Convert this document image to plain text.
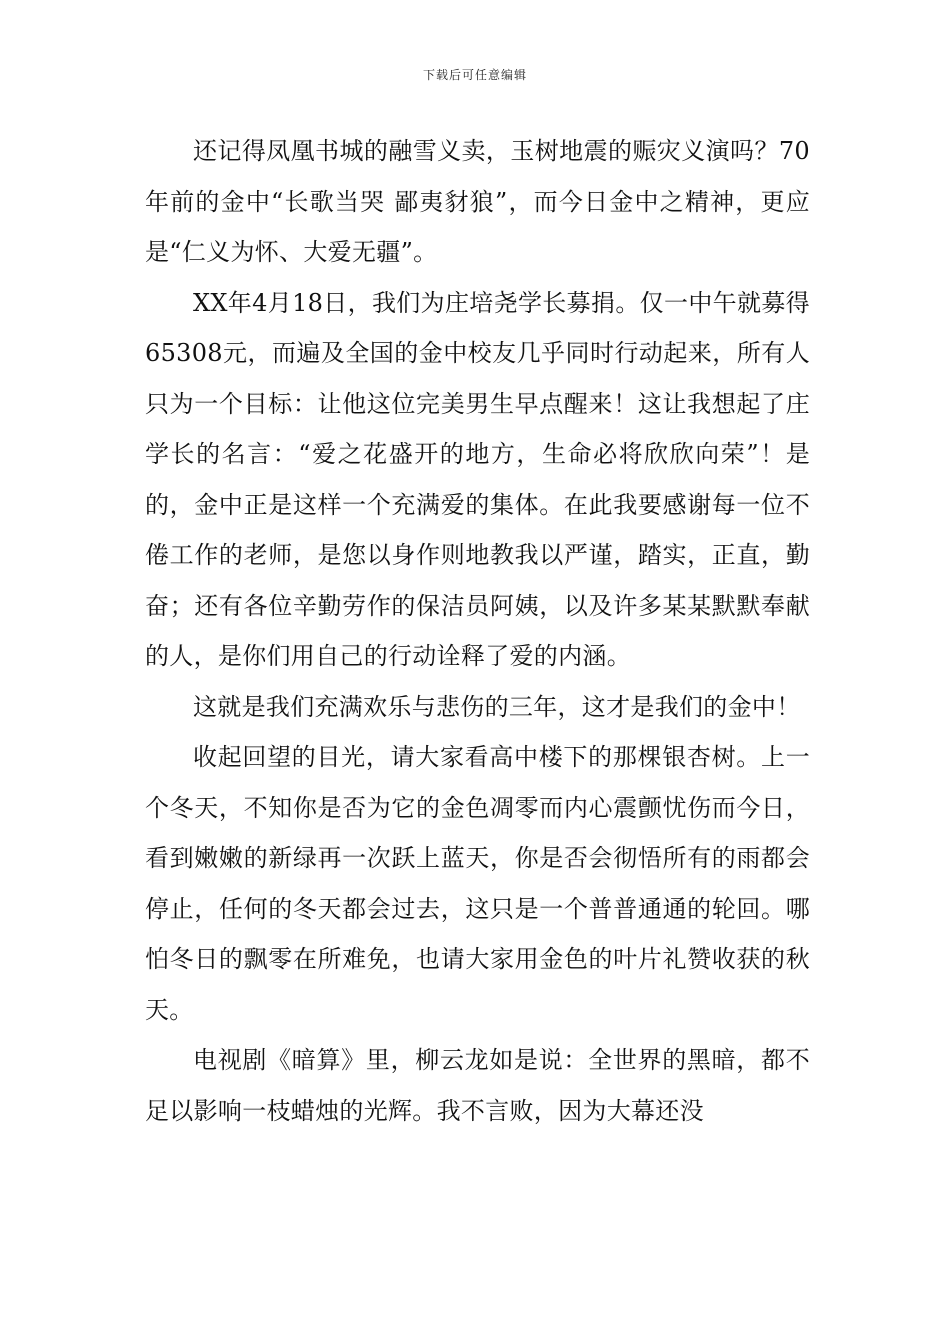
下载后可任意编辑

还记得凤凰书城的融雪义卖，玉树地震的赈灾义演吗？70年前的金中“长歌当哭 鄙夷豺狼”，而今日金中之精神，更应是“仁义为怀、大爱无疆”。

XX年4月18日，我们为庄培尧学长募捐。仅一中午就募得65308元，而遍及全国的金中校友几乎同时行动起来，所有人只为一个目标：让他这位完美男生早点醒来！这让我想起了庄学长的名言：“爱之花盛开的地方，生命必将欣欣向荣”！是的，金中正是这样一个充满爱的集体。在此我要感谢每一位不倦工作的老师，是您以身作则地教我以严谨，踏实，正直，勤奋；还有各位辛勤劳作的保洁员阿姨，以及许多某某默默奉献的人，是你们用自己的行动诠释了爱的内涵。

这就是我们充满欢乐与悲伤的三年，这才是我们的金中！

收起回望的目光，请大家看高中楼下的那棵银杏树。上一个冬天，不知你是否为它的金色凋零而内心震颤忧伤而今日，看到嫩嫩的新绿再一次跃上蓝天，你是否会彻悟所有的雨都会停止，任何的冬天都会过去，这只是一个普普通通的轮回。哪怕冬日的飘零在所难免，也请大家用金色的叶片礼赞收获的秋天。

电视剧《暗算》里，柳云龙如是说：全世界的黑暗，都不足以影响一枝蜡烛的光辉。我不言败，因为大幕还没
